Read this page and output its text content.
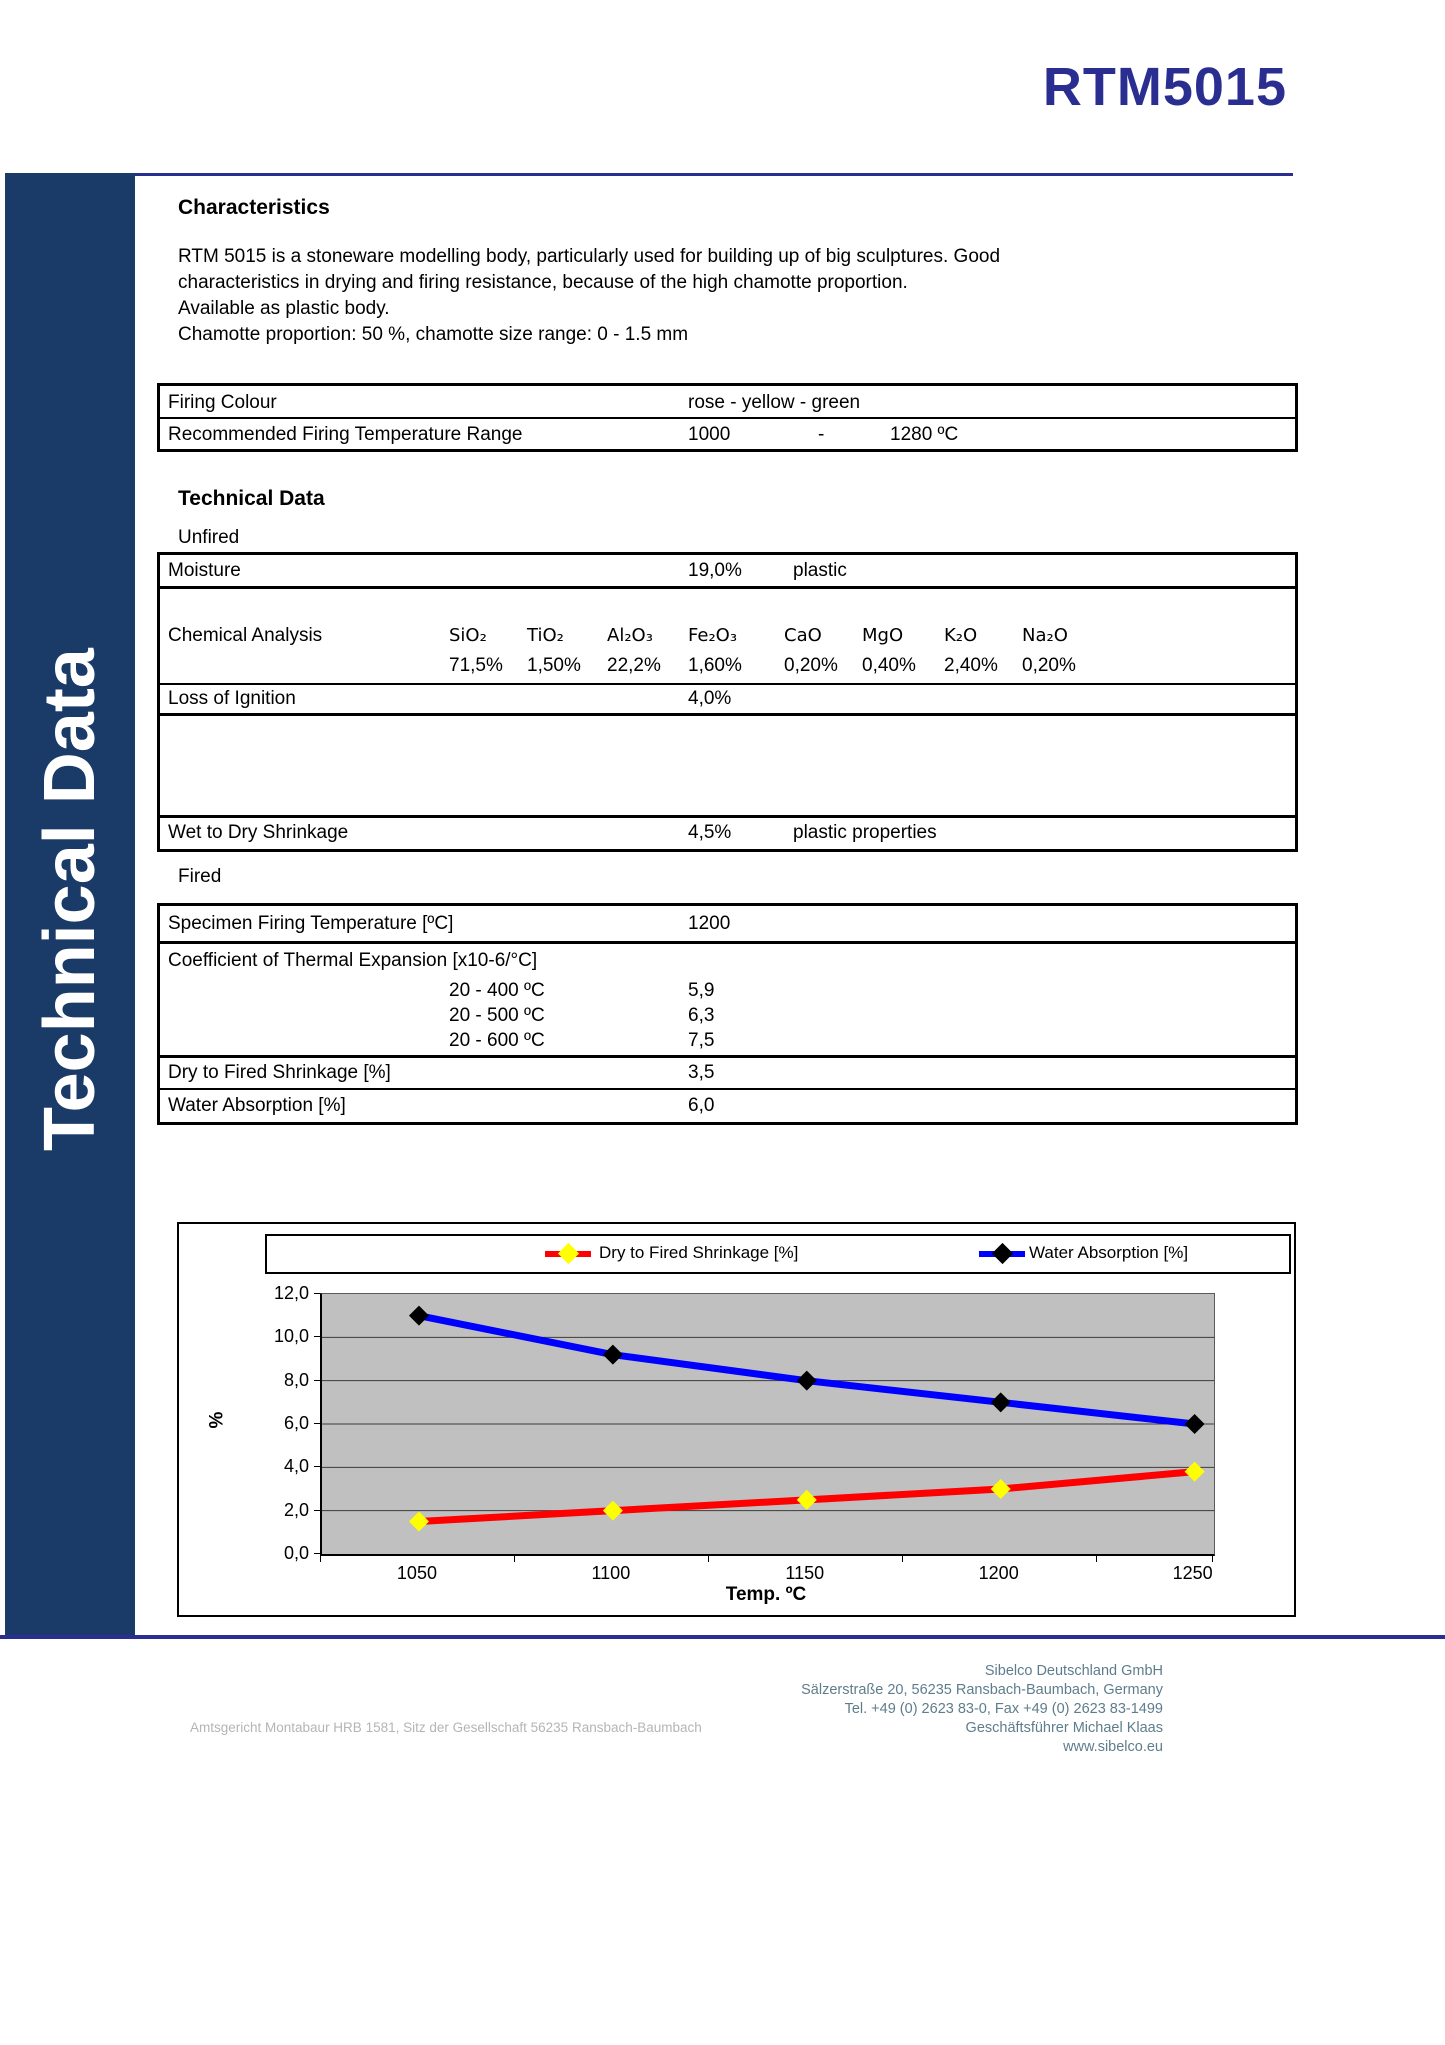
RTM5015
Technical Data
Characteristics
RTM 5015 is a stoneware modelling body, particularly used for building up of big sculptures. Good
characteristics in drying and firing resistance, because of the high chamotte proportion.
Available as plastic body.
Chamotte proportion: 50 %, chamotte size range: 0 - 1.5 mm
Firing Colour	rose - yellow - green
Recommended Firing Temperature Range	1000	-	1280 ºC
Technical Data
Unfired
Moisture	19,0%	plastic
Chemical Analysis	SiO₂ TiO₂ Al₂O₃ Fe₂O₃	CaO MgO K₂O Na₂O
71,5% 1,50% 22,2% 1,60% 0,20% 0,40% 2,40% 0,20%
Loss of Ignition	4,0%
Wet to Dry Shrinkage	4,5%	plastic properties
Fired
Specimen Firing Temperature [ºC]	1200
Coefficient of Thermal Expansion [x10-6/°C]
20 - 400 ºC	5,9
20 - 500 ºC	6,3
20 - 600 ºC	7,5
Dry to Fired Shrinkage [%]	3,5
Water Absorption [%]	6,0
Dry to Fired Shrinkage [%]	Water Absorption [%]
%
Temp. ºC
0,0
2,0
4,0
6,0
8,0
10,0
12,0
1050	1100	1150	1200	1250
Amtsgericht Montabaur HRB 1581, Sitz der Gesellschaft 56235 Ransbach-Baumbach
Sibelco Deutschland GmbH
Sälzerstraße 20, 56235 Ransbach-Baumbach, Germany
Tel. +49 (0) 2623 83-0, Fax +49 (0) 2623 83-1499
Geschäftsführer Michael Klaas
www.sibelco.eu
